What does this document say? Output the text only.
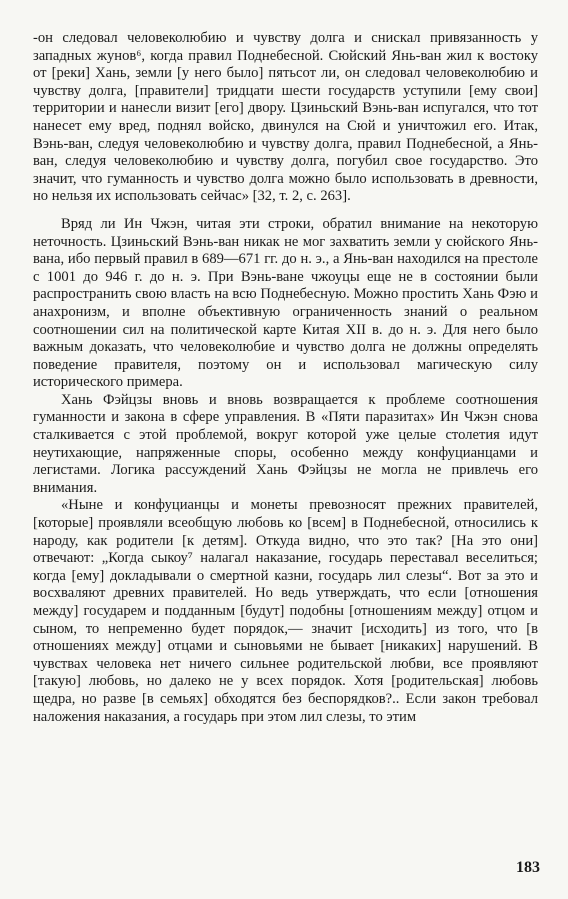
-он следовал человеколюбию и чувству долга и снискал привязанность у западных жунов⁶, когда правил Поднебесной. Сюйский Янь-ван жил к востоку от [реки] Хань, земли [у него было] пятьсот ли, он следовал человеколюбию и чувству долга, [правители] тридцати шести государств уступили [ему свои] территории и нанесли визит [его] двору. Цзиньский Вэнь-ван испугался, что тот нанесет ему вред, поднял войско, двинулся на Сюй и уничтожил его. Итак, Вэнь-ван, следуя человеколюбию и чувству долга, правил Поднебесной, а Янь-ван, следуя человеколюбию и чувству долга, погубил свое государство. Это значит, что гуманность и чувство долга можно было использовать в древности, но нельзя их использовать сейчас» [32, т. 2, с. 263].

Вряд ли Ин Чжэн, читая эти строки, обратил внимание на некоторую неточность. Цзиньский Вэнь-ван никак не мог захватить земли у сюйского Янь-вана, ибо первый правил в 689—671 гг. до н. э., а Янь-ван находился на престоле с 1001 до 946 г. до н. э. При Вэнь-ване чжоуцы еще не в состоянии были распространить свою власть на всю Поднебесную. Можно простить Хань Фэю и анахронизм, и вполне объективную ограниченность знаний о реальном соотношении сил на политической карте Китая XII в. до н. э. Для него было важным доказать, что человеколюбие и чувство долга не должны определять поведение правителя, поэтому он и использовал магическую силу исторического примера.

Хань Фэйцзы вновь и вновь возвращается к проблеме соотношения гуманности и закона в сфере управления. В «Пяти паразитах» Ин Чжэн снова сталкивается с этой проблемой, вокруг которой уже целые столетия идут неутихающие, напряженные споры, особенно между конфуцианцами и легистами. Логика рассуждений Хань Фэйцзы не могла не привлечь его внимания.

«Ныне и конфуцианцы и монеты превозносят прежних правителей, [которые] проявляли всеобщую любовь ко [всем] в Поднебесной, относились к народу, как родители [к детям]. Откуда видно, что это так? [На это они] отвечают: „Когда сыкоу⁷ налагал наказание, государь переставал веселиться; когда [ему] докладывали о смертной казни, государь лил слезы“. Вот за это и восхваляют древних правителей. Но ведь утверждать, что если [отношения между] государем и подданным [будут] подобны [отношениям между] отцом и сыном, то непременно будет порядок,— значит [исходить] из того, что [в отношениях между] отцами и сыновьями не бывает [никаких] нарушений. В чувствах человека нет ничего сильнее родительской любви, все проявляют [такую] любовь, но далеко не у всех порядок. Хотя [родительская] любовь щедра, но разве [в семьях] обходятся без беспорядков?.. Если закон требовал наложения наказания, а государь при этом лил слезы, то этим

183
